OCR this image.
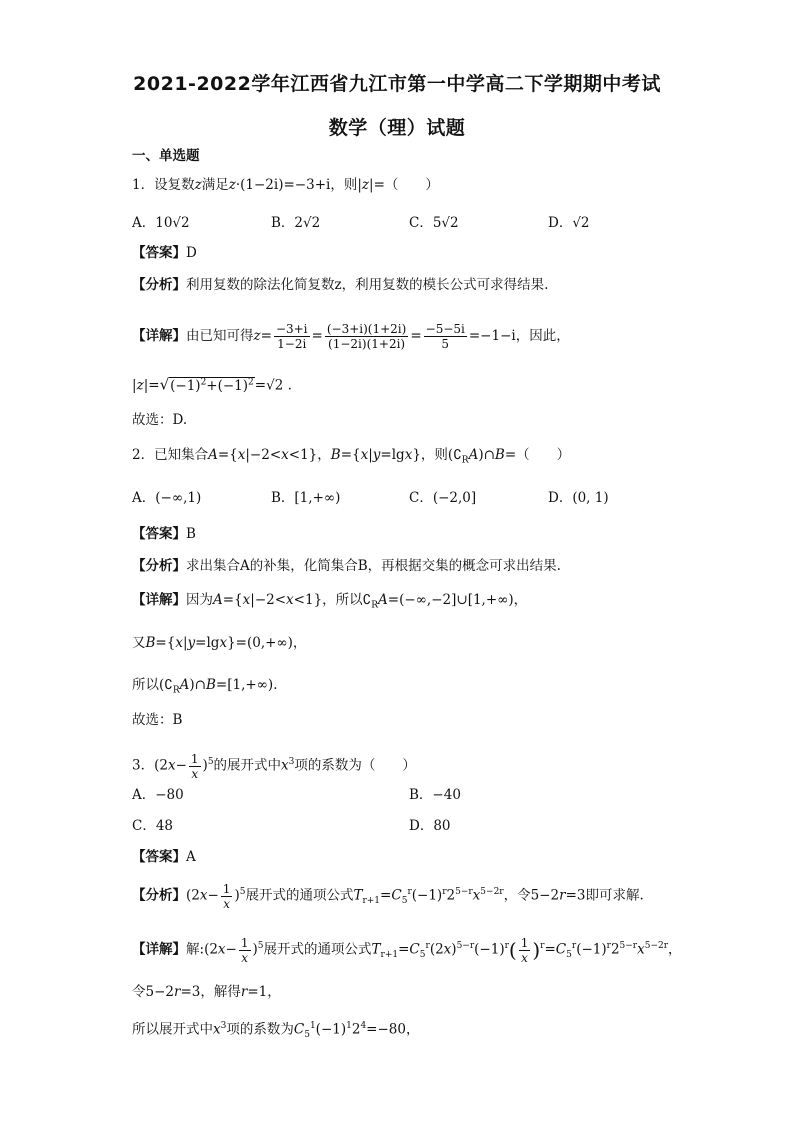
2021-2022学年江西省九江市第一中学高二下学期期中考试
数学（理）试题
一、单选题
1．设复数z满足z·(1−2i)=−3+i，则|z|=（　　）
A．10√2	B．2√2	C．5√2	D．√2
【答案】D
【分析】利用复数的除法化简复数z，利用复数的模长公式可求得结果.
【详解】由已知可得$z= \frac{-3+i}{1-2i} = \frac{(-3+i)(1+2i)}{(1-2i)(1+2i)} = \frac{-5-5i}{5} =-1-i$，因此，
$|z|=√(-1)^2+(-1)^2=√2$ .
故选：D.
2．已知集合A={x|−2<x<1}，B={x|y=lgx}，则$(∁_RA)\cap B=$（　　）
A．(−∞,1)	B．[1,+∞)	C．(−2,0]	D．(0, 1)
【答案】B
【分析】求出集合A的补集，化简集合B，再根据交集的概念可求出结果.
【详解】因为A={x|−2<x<1}，所以$∁_RA=(-\infty,-2]\cup[1,+\infty)$，
又B={x|y=lgx}=(0,+∞)，
所以$(∁_RA)\cap B=[1,+\infty)$.
故选：B
3．$(2x- \frac{1}{x} )^5$的展开式中$x^3$项的系数为（　　）
A．−80	B．−40
C．48	D．80
【答案】A
【分析】$(2x- \frac{1}{x} )^5$展开式的通项公式$T_{r+1}=C_5^r(-1)^r2^{5-r}x^{5-2r}$，令5−2r=3即可求解.
【详解】解:(2x− $\frac{1}{x} )^5$展开式的通项公式$T_{r+1}=C_5^r(2x)^{5-r}(-1)^r( \frac{1}{x} )^r=C_5^r(-1)^r2^{5-r}x^{5-2r}$，
令5−2r=3，解得r=1，
所以展开式中$x^3$项的系数为$C_5^1(-1)^12^4=-80$，
